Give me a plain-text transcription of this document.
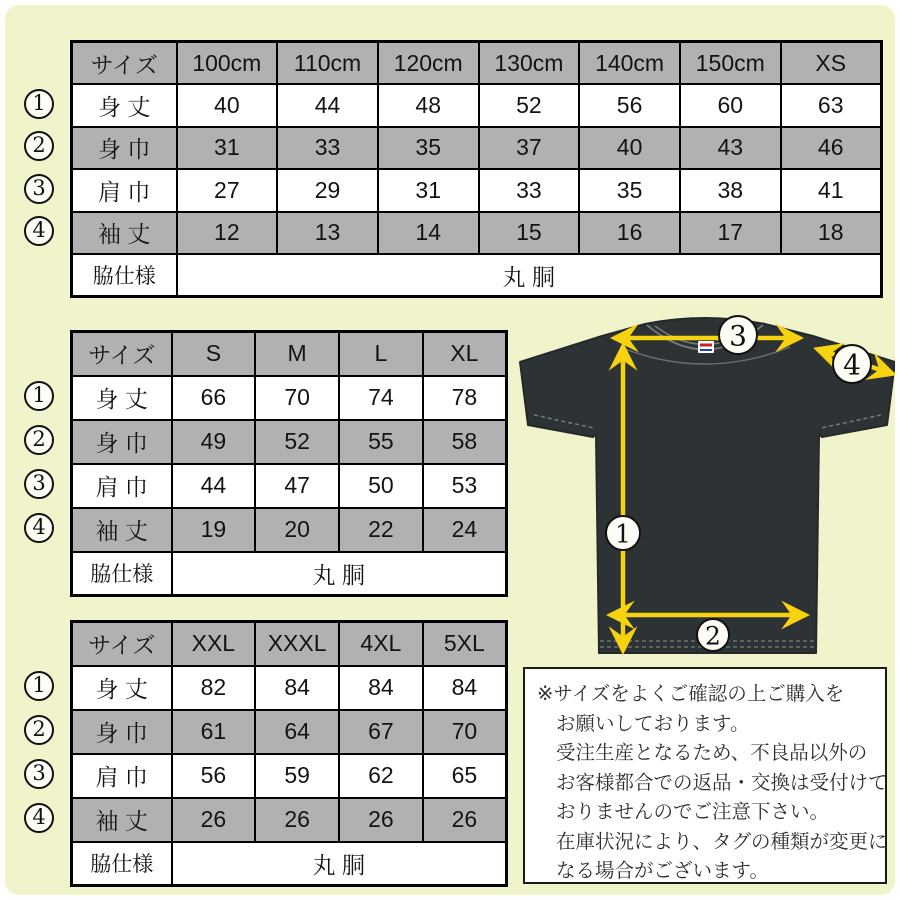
サイズ	100cm	110cm	120cm	130cm	140cm	150cm	XS
身 丈	40	44	48	52	56	60	63
身 巾	31	33	35	37	40	43	46
肩 巾	27	29	31	33	35	38	41
袖 丈	12	13	14	15	16	17	18
脇仕様	丸 胴						
サイズ	S	M	L	XL
身 丈	66	70	74	78
身 巾	49	52	55	58
肩 巾	44	47	50	53
袖 丈	19	20	22	24
脇仕様	丸 胴			
サイズ	XXL	XXXL	4XL	5XL
身 丈	82	84	84	84
身 巾	61	64	67	70
肩 巾	56	59	62	65
袖 丈	26	26	26	26
脇仕様	丸 胴			
1
2
3
4
1
2
3
4
1
2
3
4
3
4
1
2
※サイズをよくご確認の上ご購入を
お願いしております。
受注生産となるため、不良品以外の
お客様都合での返品・交換は受付けて
おりませんのでご注意下さい。
在庫状況により、タグの種類が変更に
なる場合がございます。
